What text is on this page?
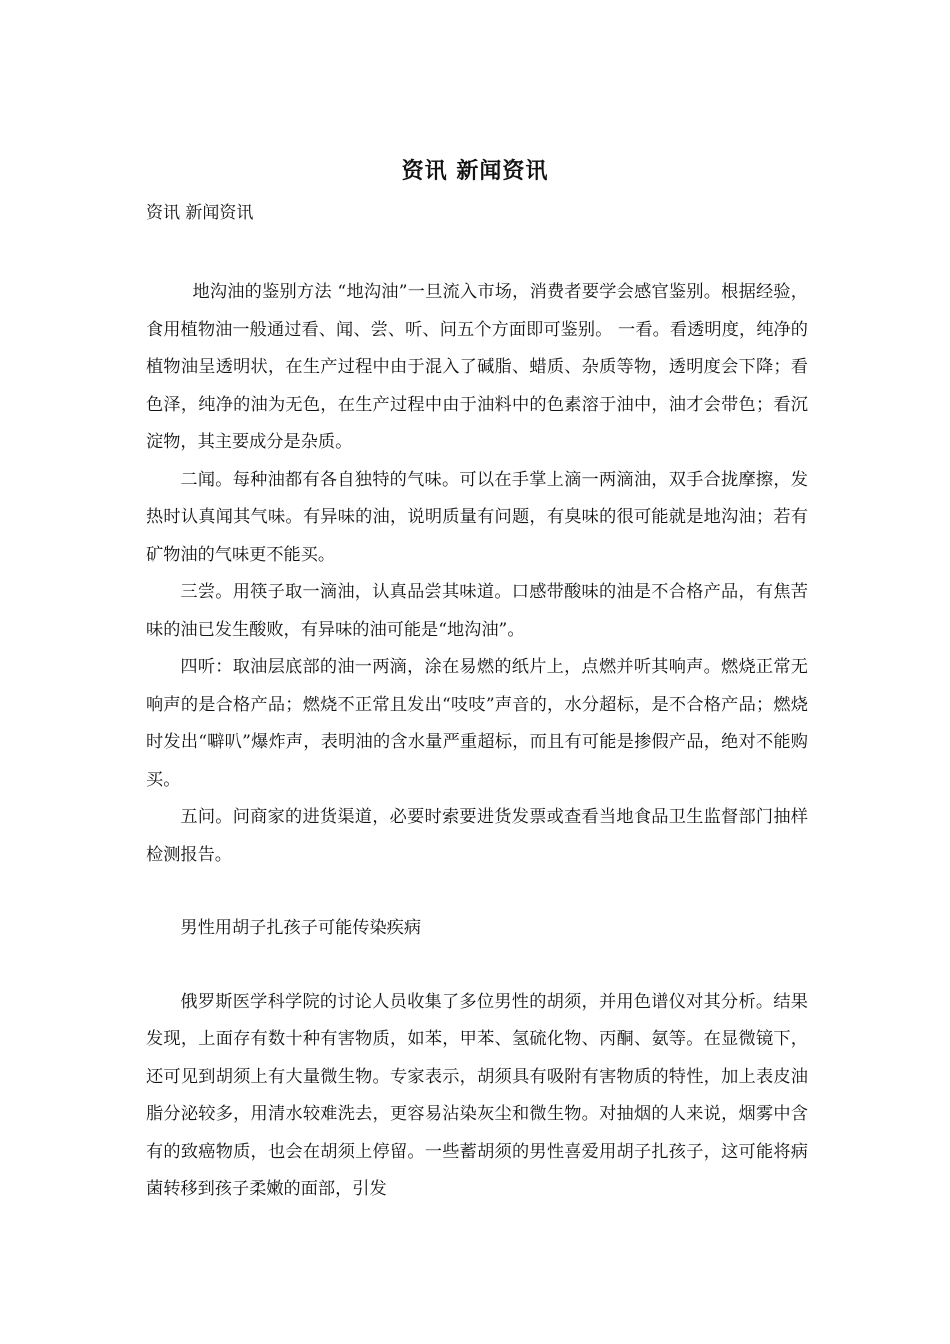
资讯 新闻资讯
资讯 新闻资讯

地沟油的鉴别方法 “地沟油”一旦流入市场，消费者要学会感官鉴别。根据经验，食用植物油一般通过看、闻、尝、听、问五个方面即可鉴别。 一看。看透明度，纯净的植物油呈透明状，在生产过程中由于混入了碱脂、蜡质、杂质等物，透明度会下降；看色泽，纯净的油为无色，在生产过程中由于油料中的色素溶于油中，油才会带色；看沉淀物，其主要成分是杂质。

二闻。每种油都有各自独特的气味。可以在手掌上滴一两滴油，双手合拢摩擦，发热时认真闻其气味。有异味的油，说明质量有问题，有臭味的很可能就是地沟油；若有矿物油的气味更不能买。

三尝。用筷子取一滴油，认真品尝其味道。口感带酸味的油是不合格产品，有焦苦味的油已发生酸败，有异味的油可能是“地沟油”。

四听：取油层底部的油一两滴，涂在易燃的纸片上，点燃并听其响声。燃烧正常无响声的是合格产品；燃烧不正常且发出“吱吱”声音的，水分超标，是不合格产品；燃烧时发出“噼叭”爆炸声，表明油的含水量严重超标，而且有可能是掺假产品，绝对不能购买。

五问。问商家的进货渠道，必要时索要进货发票或查看当地食品卫生监督部门抽样检测报告。

男性用胡子扎孩子可能传染疾病

俄罗斯医学科学院的讨论人员收集了多位男性的胡须，并用色谱仪对其分析。结果发现，上面存有数十种有害物质，如苯，甲苯、氢硫化物、丙酮、氨等。在显微镜下，还可见到胡须上有大量微生物。专家表示，胡须具有吸附有害物质的特性，加上表皮油脂分泌较多，用清水较难洗去，更容易沾染灰尘和微生物。对抽烟的人来说，烟雾中含有的致癌物质，也会在胡须上停留。一些蓄胡须的男性喜爱用胡子扎孩子，这可能将病菌转移到孩子柔嫩的面部，引发
